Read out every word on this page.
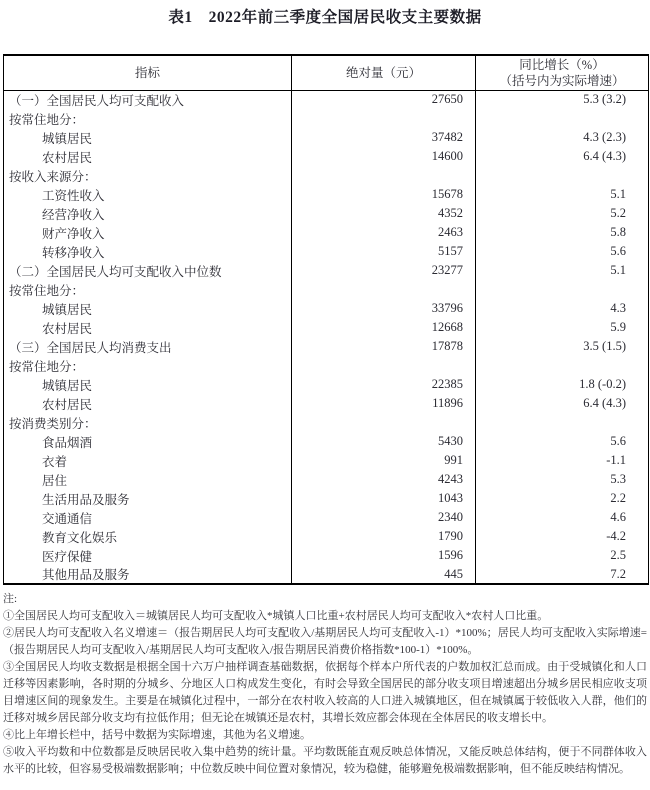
表1　2022年前三季度全国居民收支主要数据
指标	绝对量（元）	同比增长（%）
（括号内为实际增速）

（一）全国居民人均可支配收入	27650	5.3 (3.2)
按常住地分：		
城镇居民	37482	4.3 (2.3)
农村居民	14600	6.4 (4.3)
按收入来源分：		
工资性收入	15678	5.1
经营净收入	4352	5.2
财产净收入	2463	5.8
转移净收入	5157	5.6
（二）全国居民人均可支配收入中位数	23277	5.1
按常住地分：		
城镇居民	33796	4.3
农村居民	12668	5.9
（三）全国居民人均消费支出	17878	3.5 (1.5)
按常住地分：		
城镇居民	22385	1.8 (-0.2)
农村居民	11896	6.4 (4.3)
按消费类别分：		
食品烟酒	5430	5.6
衣着	991	-1.1
居住	4243	5.3
生活用品及服务	1043	2.2
交通通信	2340	4.6
教育文化娱乐	1790	-4.2
医疗保健	1596	2.5
其他用品及服务	445	7.2
注:

①全国居民人均可支配收入＝城镇居民人均可支配收入*城镇人口比重+农村居民人均可支配收入*农村人口比重。

②居民人均可支配收入名义增速＝（报告期居民人均可支配收入/基期居民人均可支配收入-1）*100%；居民人均可支配收入实际增速=（报告期居民人均可支配收入/基期居民人均可支配收入/报告期居民消费价格指数*100-1）*100%。

③全国居民人均收支数据是根据全国十六万户抽样调查基础数据，依据每个样本户所代表的户数加权汇总而成。由于受城镇化和人口迁移等因素影响，各时期的分城乡、分地区人口构成发生变化，有时会导致全国居民的部分收支项目增速超出分城乡居民相应收支项目增速区间的现象发生。主要是在城镇化过程中，一部分在农村收入较高的人口进入城镇地区，但在城镇属于较低收入人群，他们的迁移对城乡居民部分收支均有拉低作用；但无论在城镇还是农村，其增长效应都会体现在全体居民的收支增长中。

④比上年增长栏中，括号中数据为实际增速，其他为名义增速。

⑤收入平均数和中位数都是反映居民收入集中趋势的统计量。平均数既能直观反映总体情况，又能反映总体结构，便于不同群体收入水平的比较，但容易受极端数据影响；中位数反映中间位置对象情况，较为稳健，能够避免极端数据影响，但不能反映结构情况。
